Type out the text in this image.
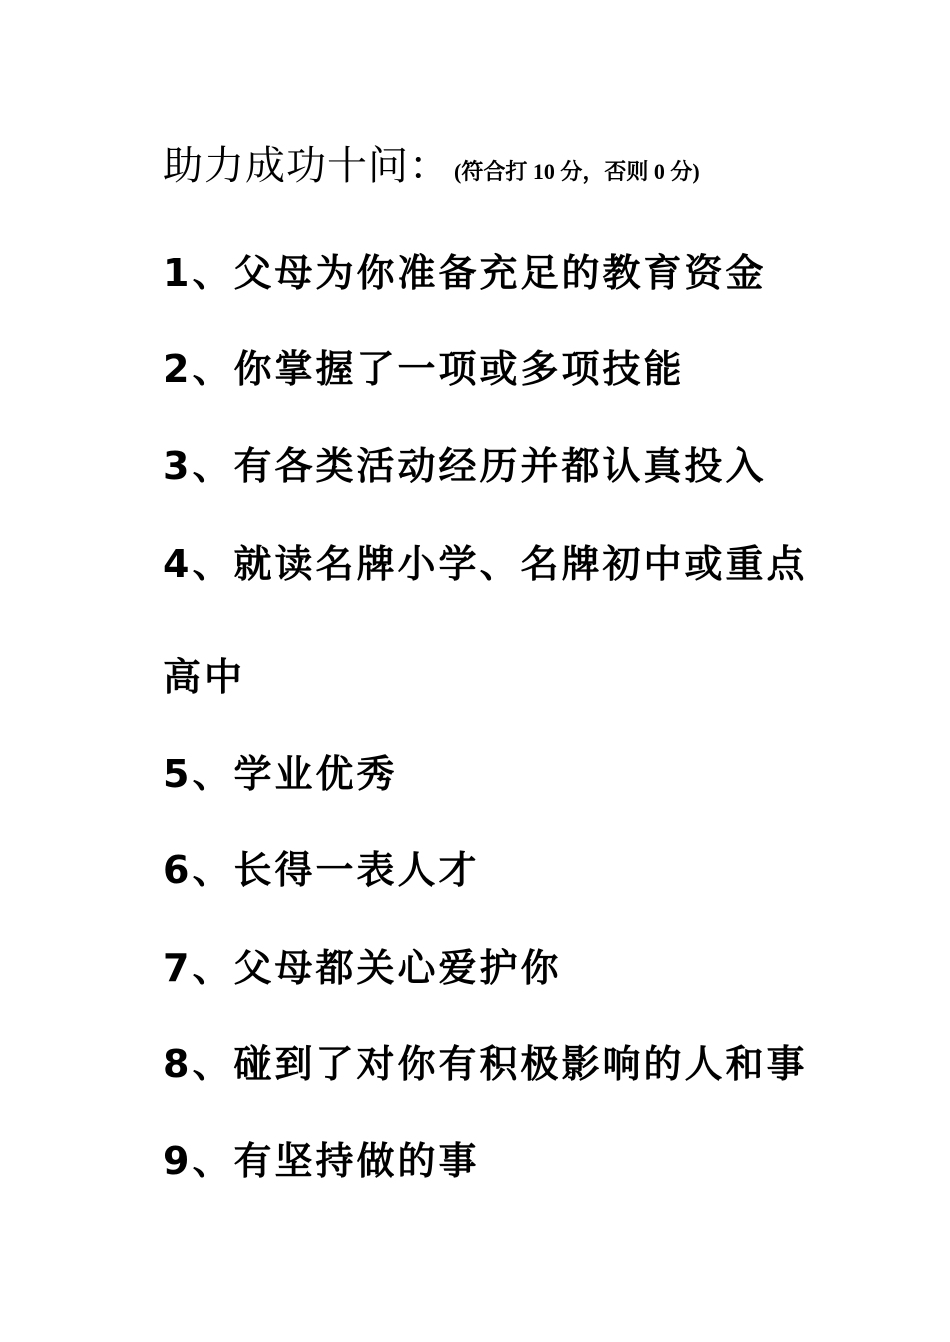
助力成功十问： (符合打 10 分，否则 0 分)
1、父母为你准备充足的教育资金
2、你掌握了一项或多项技能
3、有各类活动经历并都认真投入
4、就读名牌小学、名牌初中或重点
高中
5、学业优秀
6、长得一表人才
7、父母都关心爱护你
8、碰到了对你有积极影响的人和事
9、有坚持做的事
